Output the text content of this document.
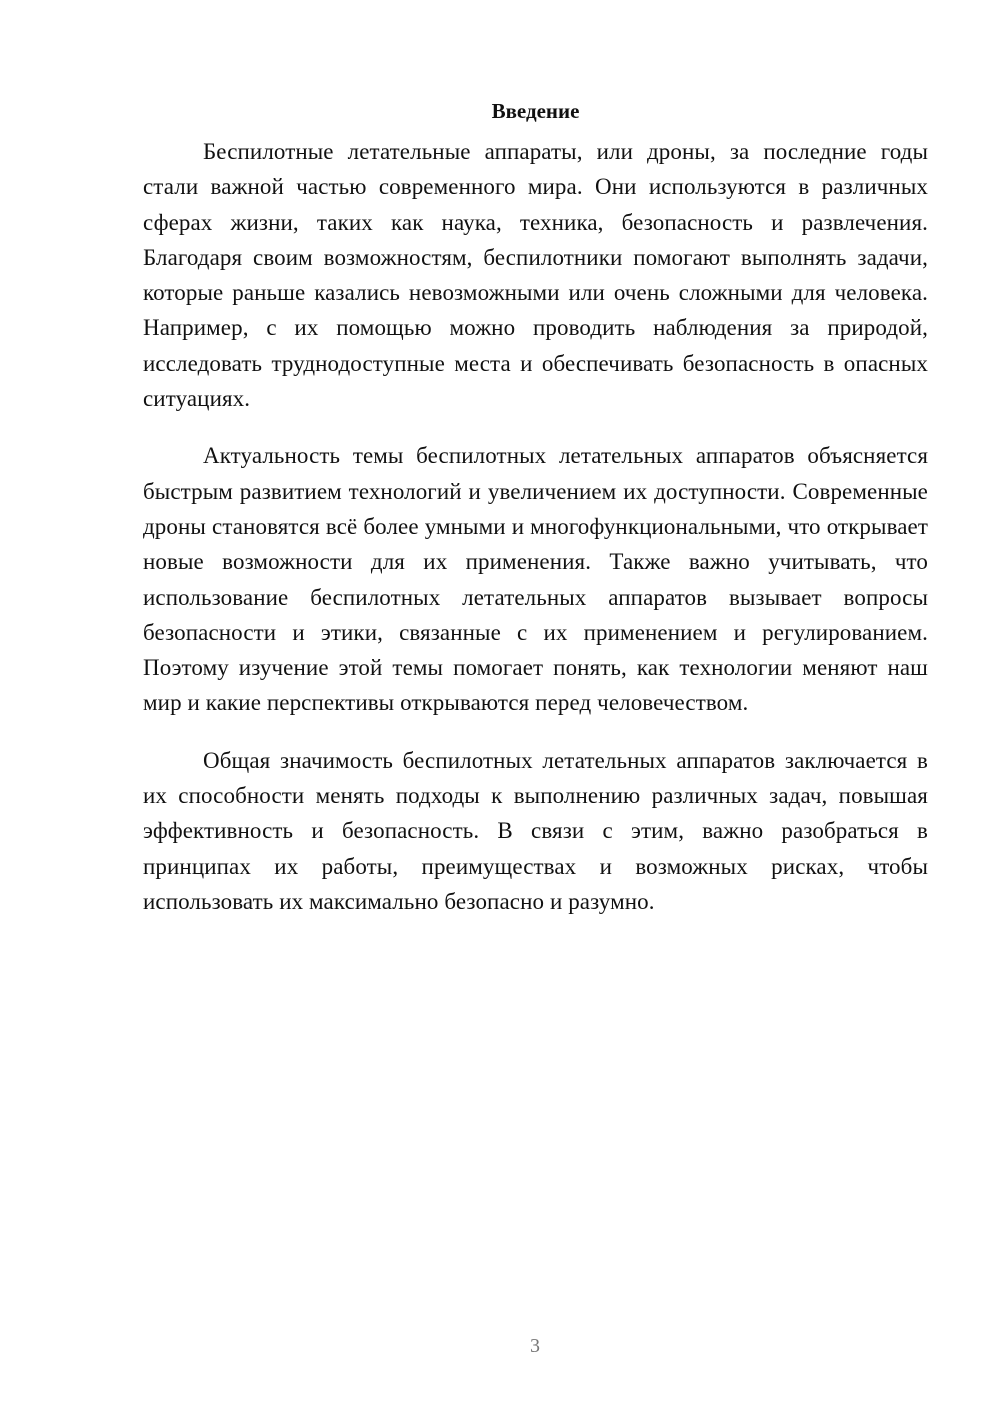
Введение

Беспилотные летательные аппараты, или дроны, за последние годы стали важной частью современного мира. Они используются в различных сферах жизни, таких как наука, техника, безопасность и развлечения. Благодаря своим возможностям, беспилотники помогают выполнять задачи, которые раньше казались невозможными или очень сложными для человека. Например, с их помощью можно проводить наблюдения за природой, исследовать труднодоступные места и обеспечивать безопасность в опасных ситуациях.

Актуальность темы беспилотных летательных аппаратов объясняется быстрым развитием технологий и увеличением их доступности. Современные дроны становятся всё более умными и многофункциональными, что открывает новые возможности для их применения. Также важно учитывать, что использование беспилотных летательных аппаратов вызывает вопросы безопасности и этики, связанные с их применением и регулированием. Поэтому изучение этой темы помогает понять, как технологии меняют наш мир и какие перспективы открываются перед человечеством.

Общая значимость беспилотных летательных аппаратов заключается в их способности менять подходы к выполнению различных задач, повышая эффективность и безопасность. В связи с этим, важно разобраться в принципах их работы, преимуществах и возможных рисках, чтобы использовать их максимально безопасно и разумно.

3
